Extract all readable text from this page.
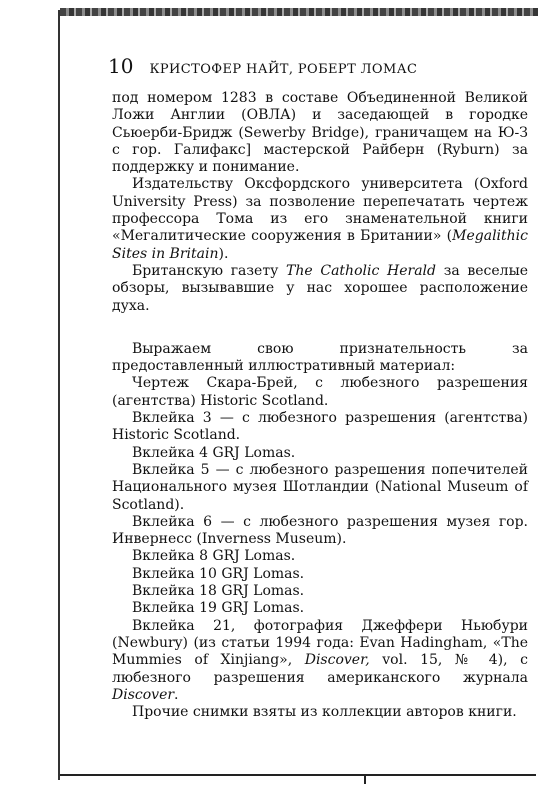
10 КРИСТОФЕР НАЙТ, РОБЕРТ ЛОМАС

под номером 1283 в составе Объединенной Великой Ложи Англии (ОВЛА) и заседающей в городке Сьюерби-Бридж (Sewerby Bridge), граничащем на Ю-З с гор. Галифакс] мастерской Райберн (Ryburn) за поддержку и понимание.

Издательству Оксфордского университета (Oxford University Press) за позволение перепечатать чертеж профессора Тома из его знаменательной книги «Мегалитические сооружения в Британии» (Megalithic Sites in Britain).

Британскую газету The Catholic Herald за веселые обзоры, вызывавшие у нас хорошее расположение духа.

Выражаем свою признательность за предоставленный иллюстративный материал:

Чертеж Скара-Брей, с любезного разрешения (агентства) Historic Scotland.

Вклейка 3 — с любезного разрешения (агентства) Historic Scotland.

Вклейка 4 GRJ Lomas.

Вклейка 5 — с любезного разрешения попечителей Национального музея Шотландии (National Museum of Scotland).

Вклейка 6 — с любезного разрешения музея гор. Инвернесс (Inverness Museum).

Вклейка 8 GRJ Lomas.

Вклейка 10 GRJ Lomas.

Вклейка 18 GRJ Lomas.

Вклейка 19 GRJ Lomas.

Вклейка 21, фотография Джеффери Ньюбури (Newbury) (из статьи 1994 года: Evan Hadingham, «The Mummies of Xinjiang», Discover, vol. 15, № 4), с любезного разрешения американского журнала Discover.

Прочие снимки взяты из коллекции авторов книги.
